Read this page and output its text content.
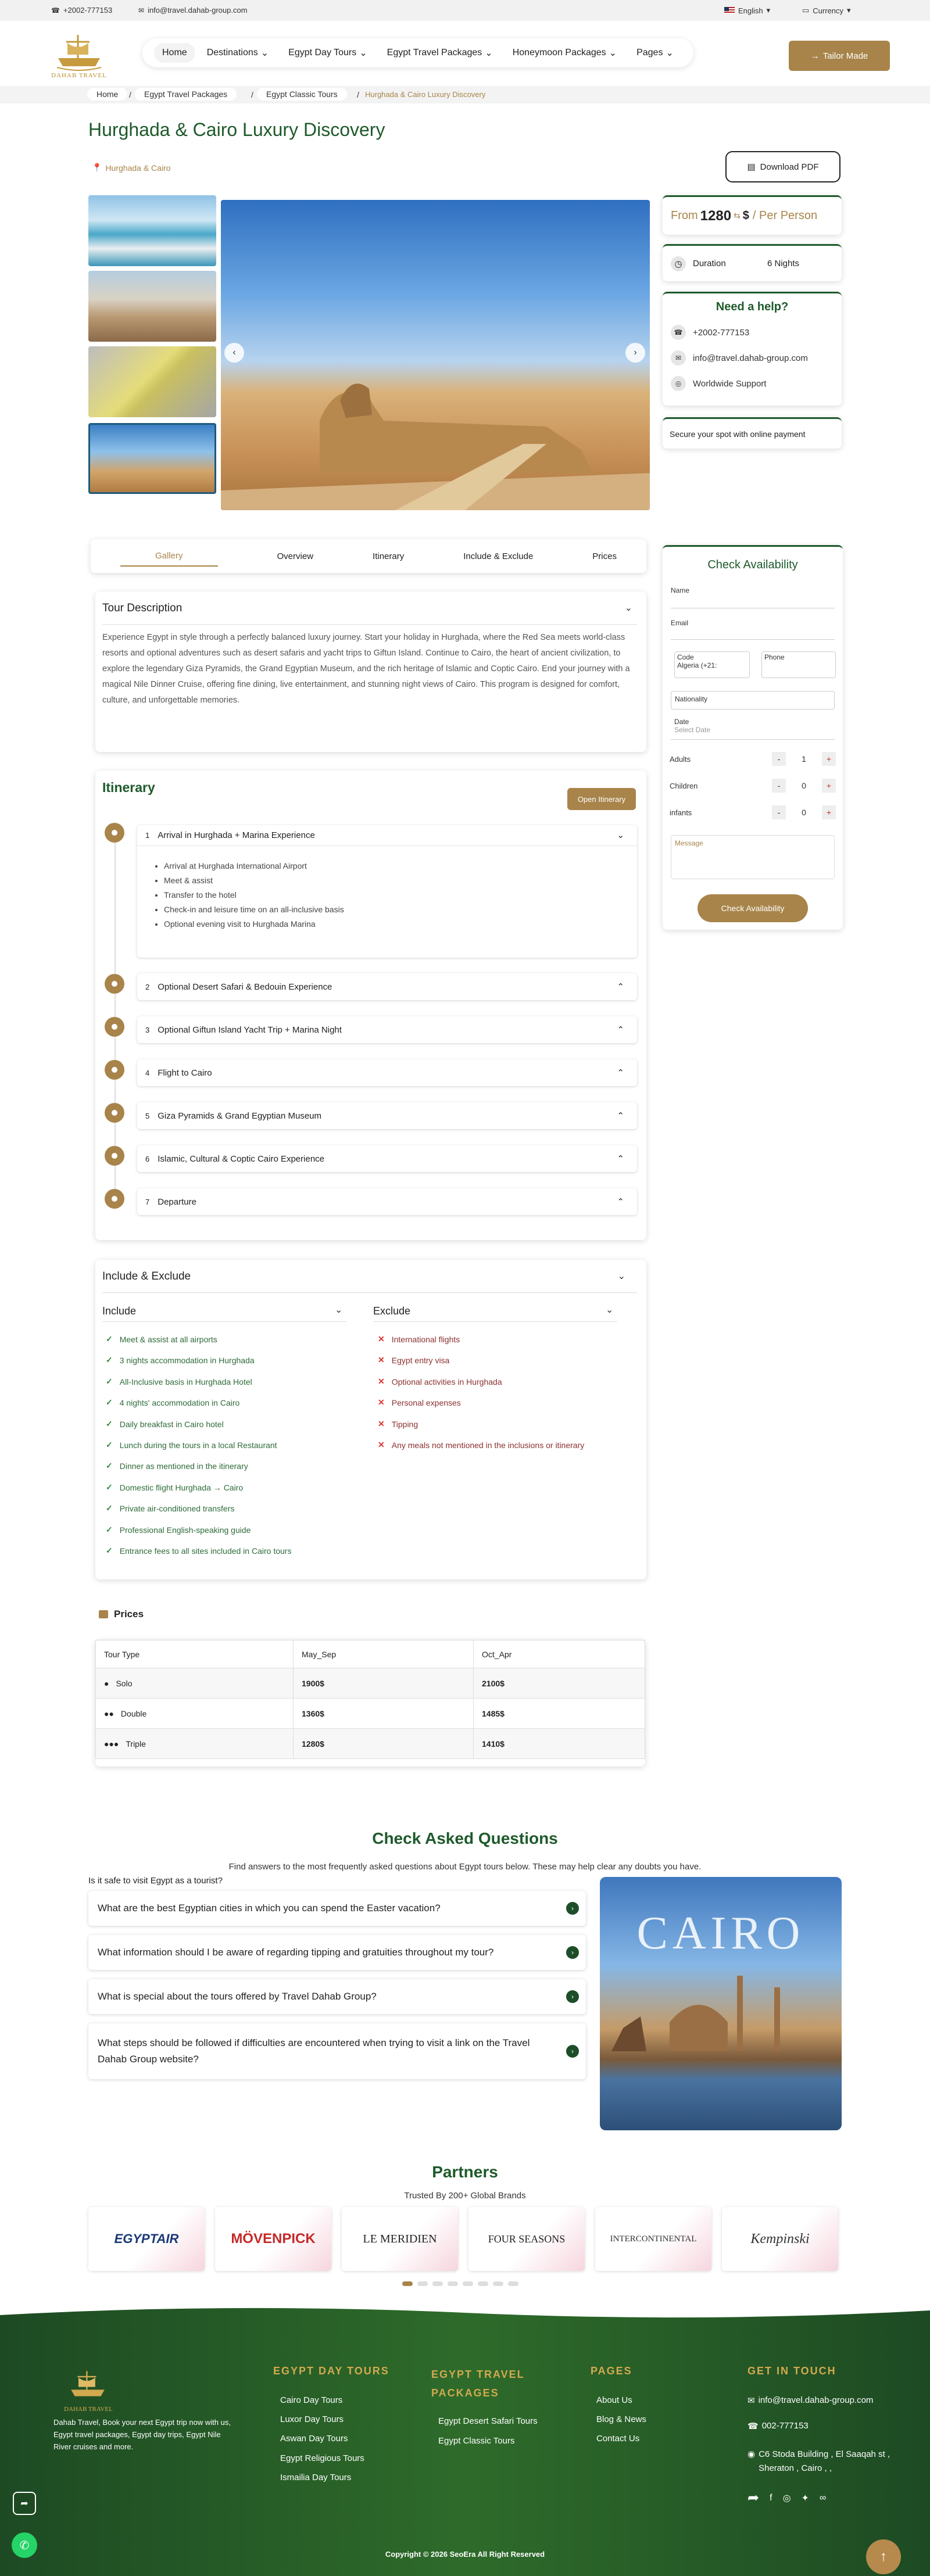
☎ +2002-777153	✉ info@travel.dahab-group.com	English ▾	▭ Currency ▾
DAHAB TRAVEL
Home Destinations ⌄ Egypt Day Tours ⌄ Egypt Travel Packages ⌄ Honeymoon Packages ⌄ Pages ⌄	→ Tailor Made
Home	/	Egypt Travel Packages	/	Egypt Classic Tours	/ Hurghada & Cairo Luxury Discovery
Hurghada & Cairo Luxury Discovery
📍 Hurghada & Cairo	▤ Download PDF
‹	›
From 1280 ⇆ $ / Per Person
◷	Duration	6 Nights
Need a help?
☎	+2002-777153
✉	info@travel.dahab-group.com
◎	Worldwide Support
Secure your spot with online payment
Gallery	Overview	Itinerary	Include & Exclude	Prices
Tour Description	⌄

Experience Egypt in style through a perfectly balanced luxury journey. Start your holiday in Hurghada, where the Red Sea meets world-class resorts and optional adventures such as desert safaris and yacht trips to Giftun Island. Continue to Cairo, the heart of ancient civilization, to explore the legendary Giza Pyramids, the Grand Egyptian Museum, and the rich heritage of Islamic and Coptic Cairo. End your journey with a magical Nile Dinner Cruise, offering fine dining, live entertainment, and stunning night views of Cairo. This program is designed for comfort, culture, and unforgettable memories.

Itinerary
Open Itinerary
1 Arrival in Hurghada + Marina Experience	⌄
• Arrival at Hurghada International Airport
• Meet & assist
• Transfer to the hotel
• Check-in and leisure time on an all-inclusive basis
• Optional evening visit to Hurghada Marina
2 Optional Desert Safari & Bedouin Experience	⌃
3 Optional Giftun Island Yacht Trip + Marina Night	⌃
4 Flight to Cairo	⌃
5 Giza Pyramids & Grand Egyptian Museum	⌃
6 Islamic, Cultural & Coptic Cairo Experience	⌃
7 Departure	⌃
Include & Exclude	⌄
Include	⌄	Exclude	⌄
✓ Meet & assist at all airports
✓ 3 nights accommodation in Hurghada
✓ All-Inclusive basis in Hurghada Hotel
✓ 4 nights' accommodation in Cairo
✓ Daily breakfast in Cairo hotel
✓ Lunch during the tours in a local Restaurant
✓ Dinner as mentioned in the itinerary
✓ Domestic flight Hurghada → Cairo
✓ Private air-conditioned transfers
✓ Professional English-speaking guide
✓ Entrance fees to all sites included in Cairo tours
✕ International flights
✕ Egypt entry visa
✕ Optional activities in Hurghada
✕ Personal expenses
✕ Tipping
✕ Any meals not mentioned in the inclusions or itinerary
Prices
Tour Type	May_Sep	Oct_Apr
● Solo	1900$	2100$
●● Double	1360$	1485$
●●● Triple	1280$	1410$
Check Availability
Name
Email
Code
Algeria (+21:
Phone
Nationality
Date
Select Date
Adults	-	1	+
Children	-	0	+
infants	-	0	+
Message
Check Availability
Check Asked Questions
Find answers to the most frequently asked questions about Egypt tours below. These may help clear any doubts you have.
Is it safe to visit Egypt as a tourist?
What are the best Egyptian cities in which you can spend the Easter vacation?	›
What information should I be aware of regarding tipping and gratuities throughout my tour?	›
What is special about the tours offered by Travel Dahab Group?	›
What steps should be followed if difficulties are encountered when trying to visit a link on the Travel Dahab Group website?
›
CAIRO
Partners
Trusted By 200+ Global Brands
EGYPTAIR	MÖVENPICK	LE MERIDIEN	FOUR SEASONS	INTERCONTINENTAL	Kempinski
DAHAB TRAVEL

Dahab Travel, Book your next Egypt trip now with us, Egypt travel packages, Egypt day trips, Egypt Nile River cruises and more.

EGYPT DAY TOURS
Cairo Day Tours
Luxor Day Tours
Aswan Day Tours
Egypt Religious Tours
Ismailia Day Tours
EGYPT TRAVEL PACKAGES
Egypt Desert Safari Tours
Egypt Classic Tours
PAGES
About Us
Blog & News
Contact Us
GET IN TOUCH
✉ info@travel.dahab-group.com
☎ 002-777153
◉ C6 Stoda Building , El Saaqah st , Sheraton , Cairo , ,
➦ f ◎ ✦ ∞
Copyright © 2026 SeoEra All Right Reserved
➦
✆
↑
